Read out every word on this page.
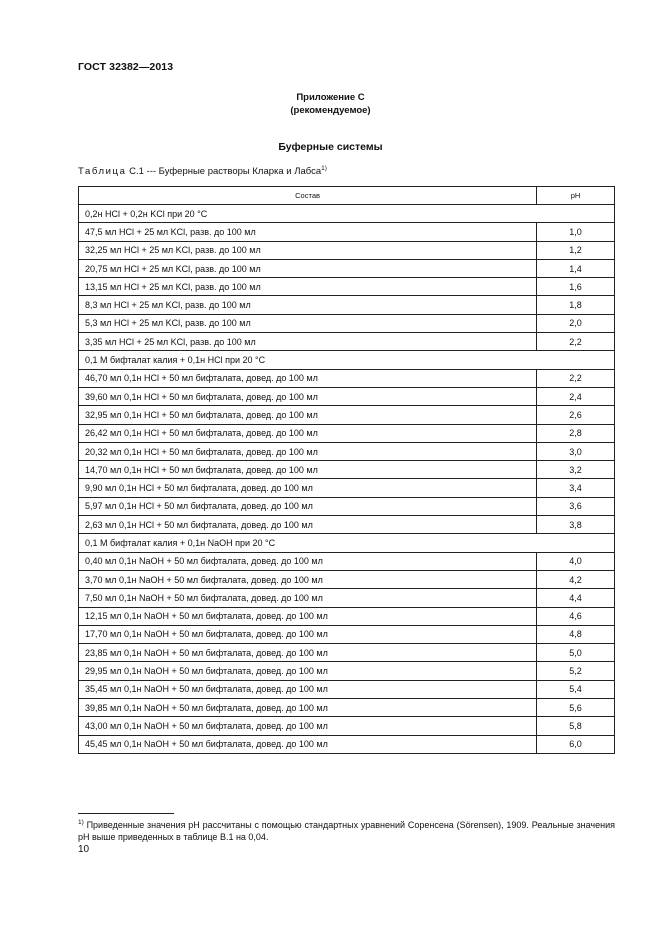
ГОСТ 32382—2013
Приложение С
(рекомендуемое)
Буферные системы
Таблица С.1 --- Буферные растворы Кларка и Лабса$^{1)}$
Состав	pH
0,2н HCl + 0,2н KCl при 20 °С	
47,5 мл HCl + 25 мл KCl, разв. до 100 мл	1,0
32,25 мл HCl + 25 мл KCl, разв. до 100 мл	1,2
20,75 мл HCl + 25 мл KCl, разв. до 100 мл	1,4
13,15 мл HCl + 25 мл KCl, разв. до 100 мл	1,6
8,3 мл HCl + 25 мл KCl, разв. до 100 мл	1,8
5,3 мл HCl + 25 мл KCl, разв. до 100 мл	2,0
3,35 мл HCl + 25 мл KCl, разв. до 100 мл	2,2
0,1 М бифталат калия + 0,1н HCl при 20 °С	
46,70 мл 0,1н HCl + 50 мл бифталата, довед. до 100 мл	2,2
39,60 мл 0,1н HCl + 50 мл бифталата, довед. до 100 мл	2,4
32,95 мл 0,1н HCl + 50 мл бифталата, довед. до 100 мл	2,6
26,42 мл 0,1н HCl + 50 мл бифталата, довед. до 100 мл	2,8
20,32 мл 0,1н HCl + 50 мл бифталата, довед. до 100 мл	3,0
14,70 мл 0,1н HCl + 50 мл бифталата, довед. до 100 мл	3,2
9,90 мл 0,1н HCl + 50 мл бифталата, довед. до 100 мл	3,4
5,97 мл 0,1н HCl + 50 мл бифталата, довед. до 100 мл	3,6
2,63 мл 0,1н HCl + 50 мл бифталата, довед. до 100 мл	3,8
0,1 М бифталат калия + 0,1н NaOH при 20 °С	
0,40 мл 0,1н NaOH + 50 мл бифталата, довед. до 100 мл	4,0
3,70 мл 0,1н NaOH + 50 мл бифталата, довед. до 100 мл	4,2
7,50 мл 0,1н NaOH + 50 мл бифталата, довед. до 100 мл	4,4
12,15 мл 0,1н NaOH + 50 мл бифталата, довед. до 100 мл	4,6
17,70 мл 0,1н NaOH + 50 мл бифталата, довед. до 100 мл	4,8
23,85 мл 0,1н NaOH + 50 мл бифталата, довед. до 100 мл	5,0
29,95 мл 0,1н NaOH + 50 мл бифталата, довед. до 100 мл	5,2
35,45 мл 0,1н NaOH + 50 мл бифталата, довед. до 100 мл	5,4
39,85 мл 0,1н NaOH + 50 мл бифталата, довед. до 100 мл	5,6
43,00 мл 0,1н NaOH + 50 мл бифталата, довед. до 100 мл	5,8
45,45 мл 0,1н NaOH + 50 мл бифталата, довед. до 100 мл	6,0
$^{1)}$ Приведенные значения рН рассчитаны с помощью стандартных уравнений Соренсена (Sörensen), 1909. Реальные значения рН выше приведенных в таблице В.1 на 0,04.
10
